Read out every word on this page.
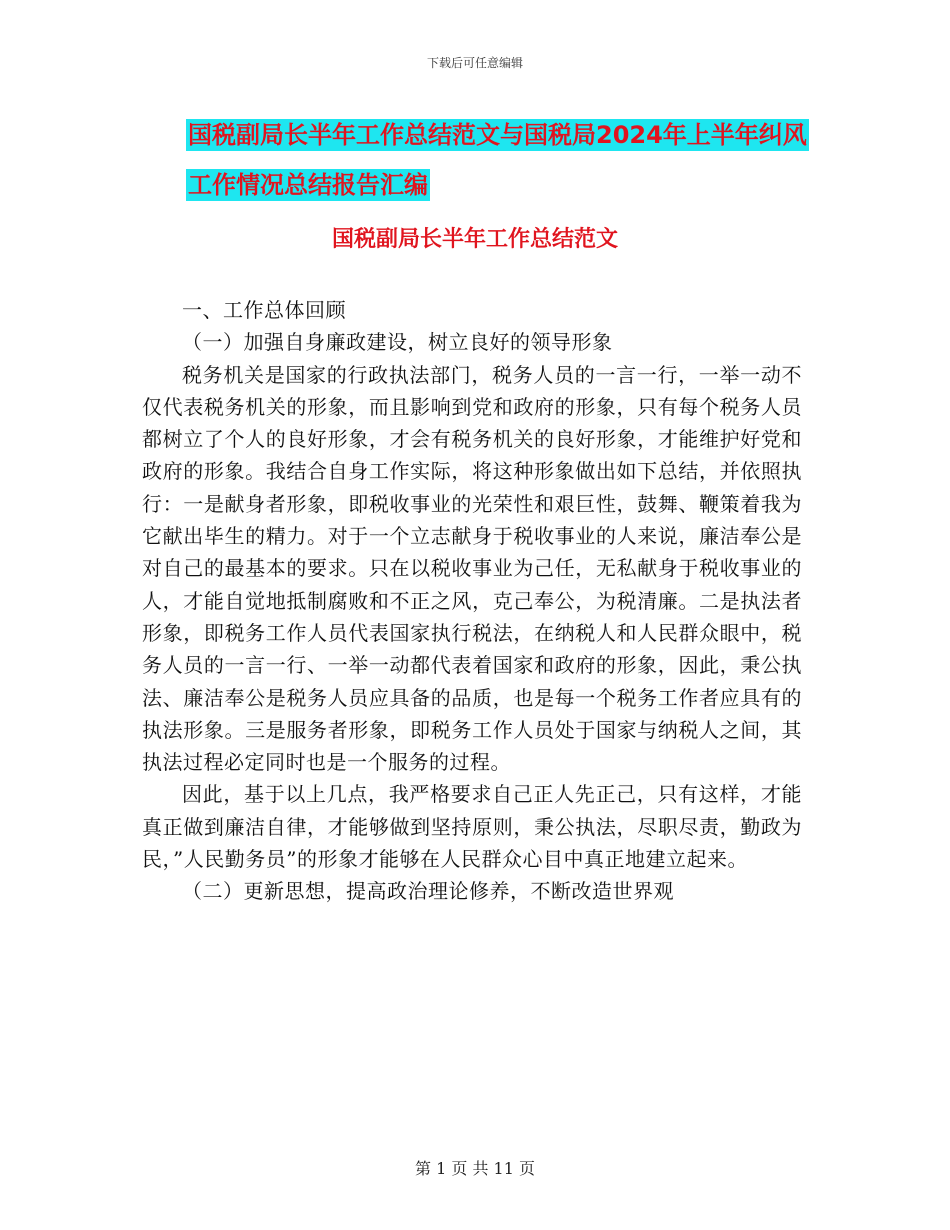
下载后可任意编辑
国税副局长半年工作总结范文与国税局2024年上半年纠风工作情况总结报告汇编
国税副局长半年工作总结范文

一、工作总体回顾

（一）加强自身廉政建设，树立良好的领导形象

税务机关是国家的行政执法部门，税务人员的一言一行，一举一动不仅代表税务机关的形象，而且影响到党和政府的形象，只有每个税务人员都树立了个人的良好形象，才会有税务机关的良好形象，才能维护好党和政府的形象。我结合自身工作实际，将这种形象做出如下总结，并依照执行：一是献身者形象，即税收事业的光荣性和艰巨性，鼓舞、鞭策着我为它献出毕生的精力。对于一个立志献身于税收事业的人来说，廉洁奉公是对自己的最基本的要求。只在以税收事业为己任，无私献身于税收事业的人，才能自觉地抵制腐败和不正之风，克己奉公，为税清廉。二是执法者形象，即税务工作人员代表国家执行税法，在纳税人和人民群众眼中，税务人员的一言一行、一举一动都代表着国家和政府的形象，因此，秉公执法、廉洁奉公是税务人员应具备的品质，也是每一个税务工作者应具有的执法形象。三是服务者形象，即税务工作人员处于国家与纳税人之间，其执法过程必定同时也是一个服务的过程。

因此，基于以上几点，我严格要求自己正人先正己，只有这样，才能真正做到廉洁自律，才能够做到坚持原则，秉公执法，尽职尽责，勤政为民，”人民勤务员”的形象才能够在人民群众心目中真正地建立起来。

（二）更新思想，提高政治理论修养，不断改造世界观

第 1 页 共 11 页
